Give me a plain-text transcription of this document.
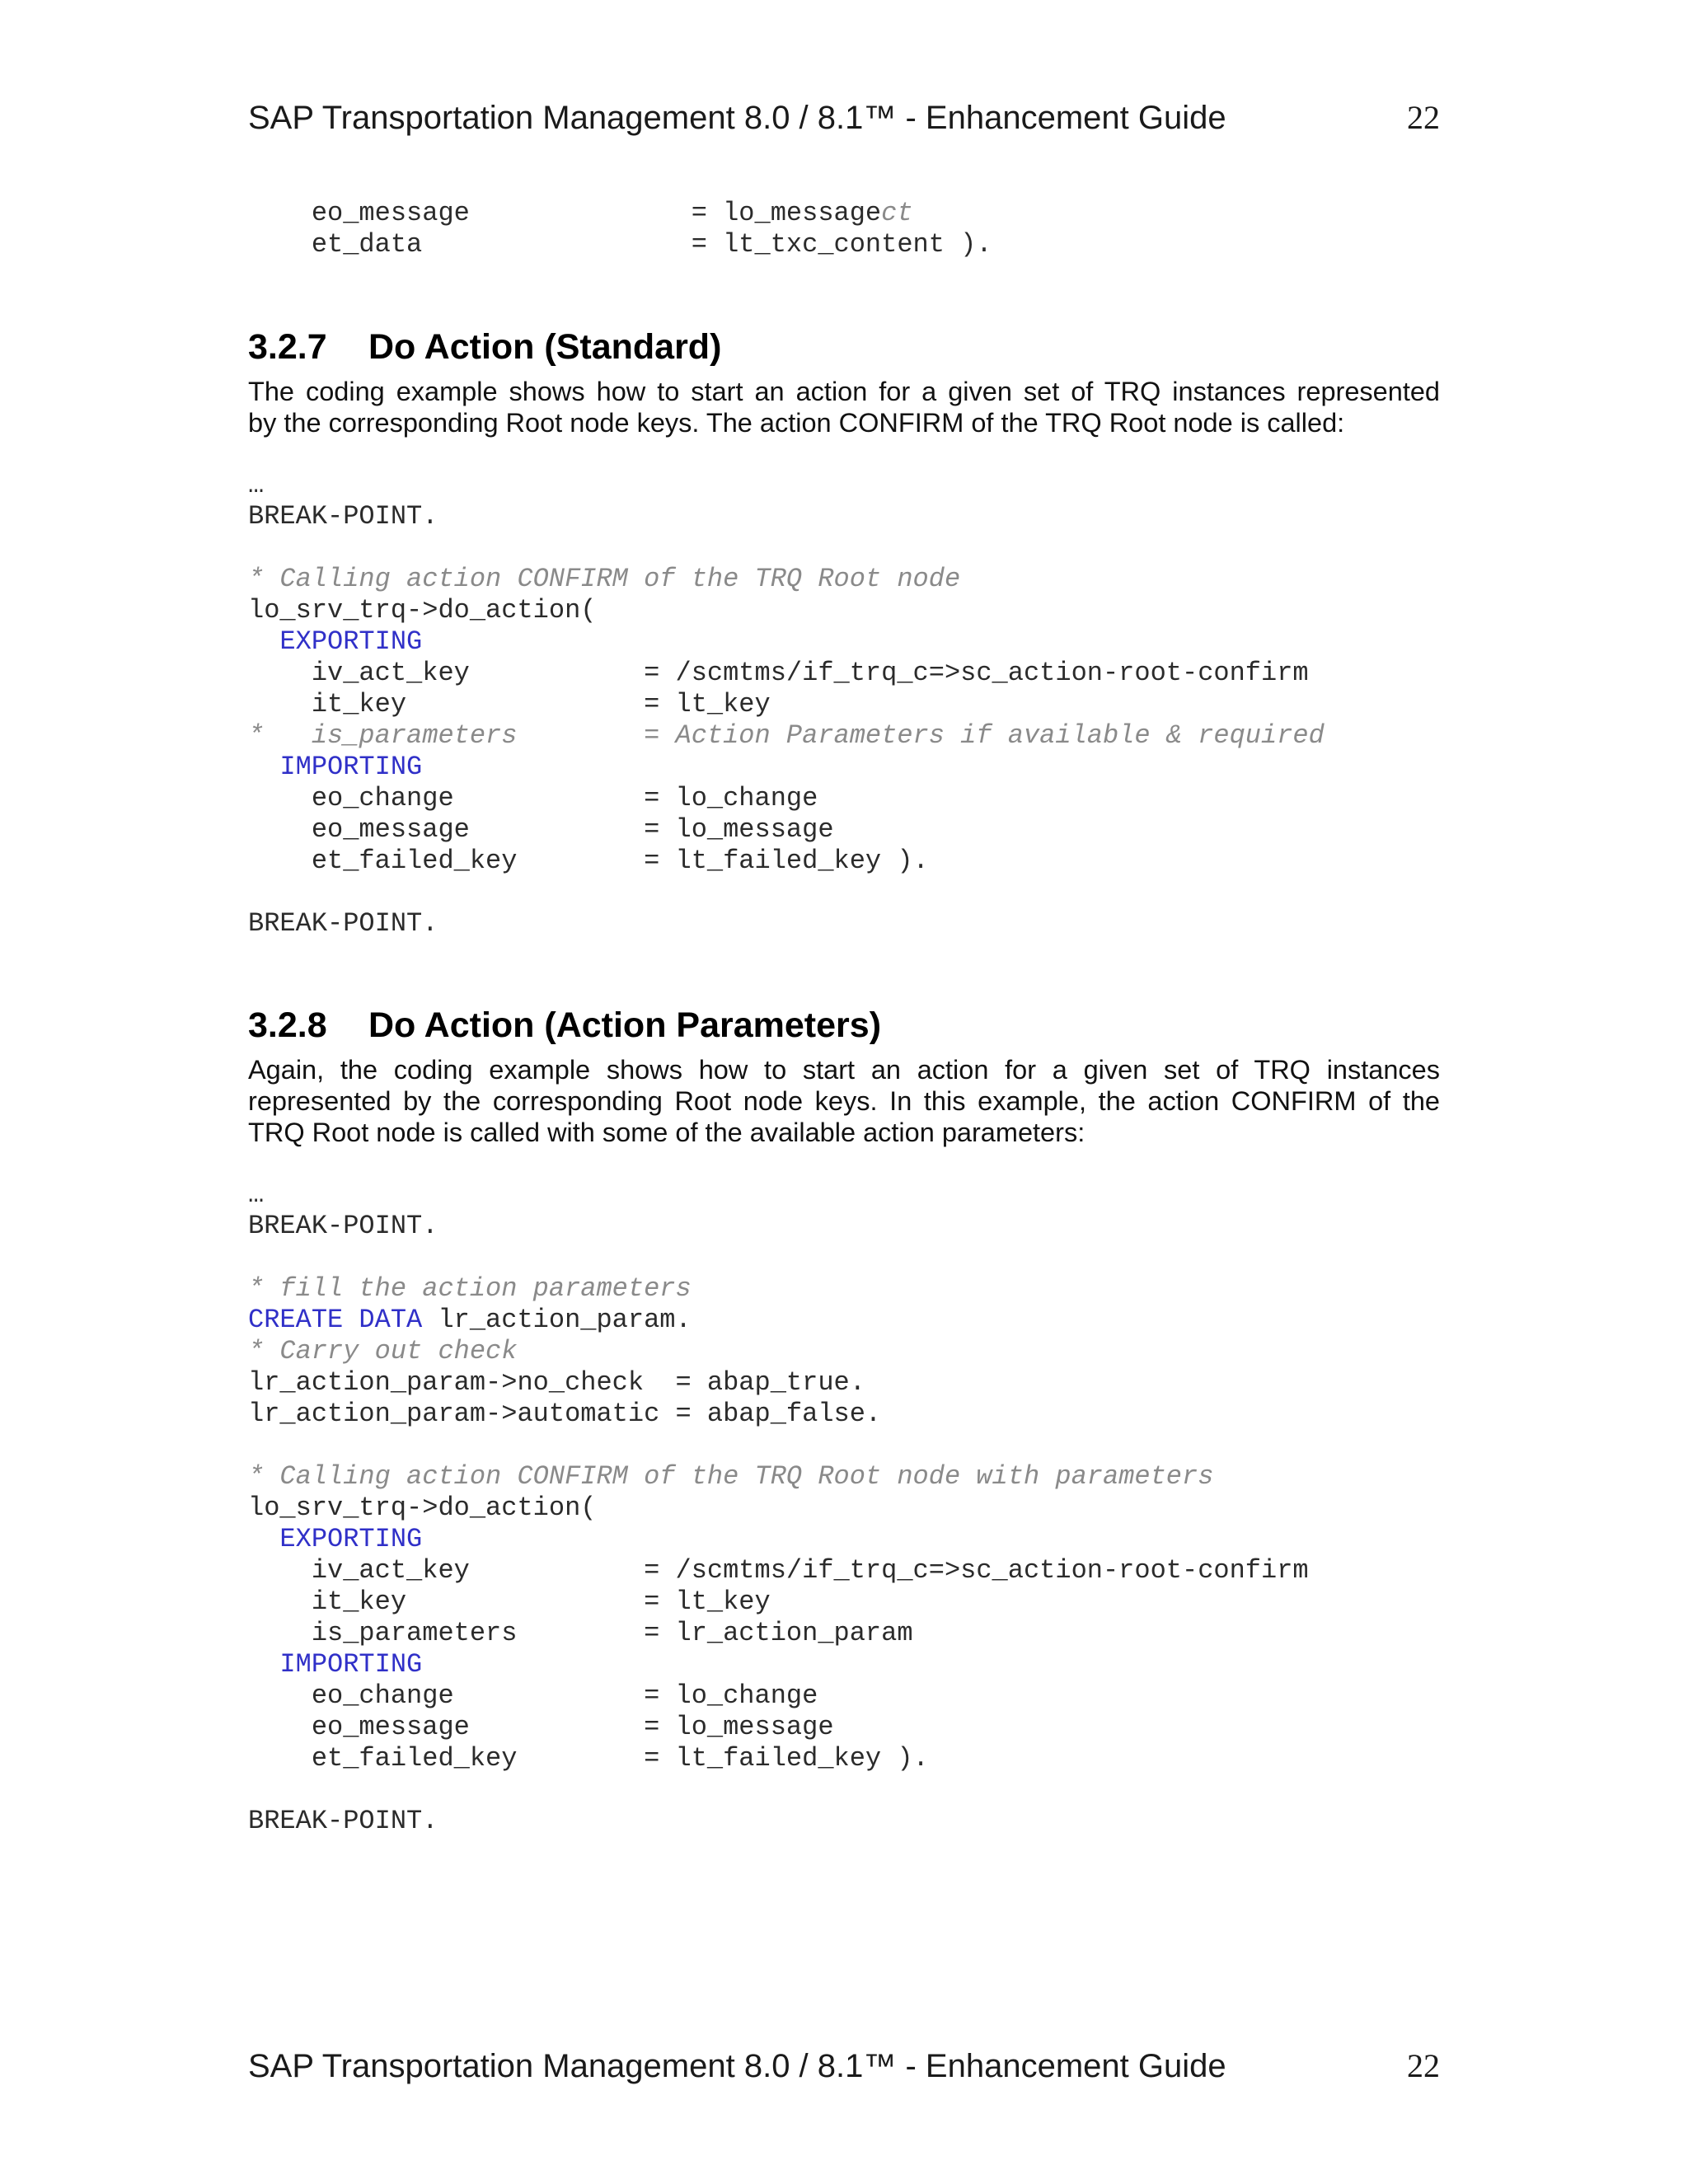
SAP Transportation Management 8.0 / 8.1™ - Enhancement Guide	22
eo_message              = lo_messagect
et_data                 = lt_txc_content ).
3.2.7 Do Action (Standard)
The coding example shows how to start an action for a given set of TRQ instances represented
by the corresponding Root node keys. The action CONFIRM of the TRQ Root node is called:
…
BREAK-POINT.
* Calling action CONFIRM of the TRQ Root node
lo_srv_trq->do_action(
EXPORTING
iv_act_key           = /scmtms/if_trq_c=>sc_action-root-confirm
it_key               = lt_key
*   is_parameters        = Action Parameters if available & required
IMPORTING
eo_change            = lo_change
eo_message           = lo_message
et_failed_key        = lt_failed_key ).
BREAK-POINT.
3.2.8 Do Action (Action Parameters)
Again, the coding example shows how to start an action for a given set of TRQ instances
represented by the corresponding Root node keys. In this example, the action CONFIRM of the
TRQ Root node is called with some of the available action parameters:
…
BREAK-POINT.
* fill the action parameters
CREATE DATA lr_action_param.
* Carry out check
lr_action_param->no_check  = abap_true.
lr_action_param->automatic = abap_false.
* Calling action CONFIRM of the TRQ Root node with parameters
lo_srv_trq->do_action(
EXPORTING
iv_act_key           = /scmtms/if_trq_c=>sc_action-root-confirm
it_key               = lt_key
is_parameters        = lr_action_param
IMPORTING
eo_change            = lo_change
eo_message           = lo_message
et_failed_key        = lt_failed_key ).
BREAK-POINT.
SAP Transportation Management 8.0 / 8.1™ - Enhancement Guide	22
